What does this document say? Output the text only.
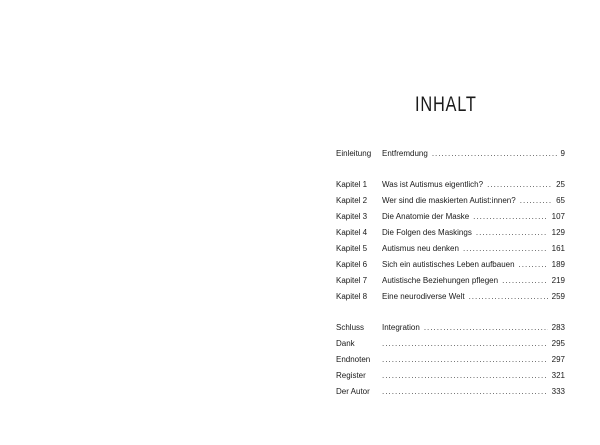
INHALT
Einleitung Entfremdung . . .	9
Kapitel 1 Was ist Autismus eigentlich? . . .	25
Kapitel 2 Wer sind die maskierten Autist:innen? . . .	65
Kapitel 3 Die Anatomie der Maske . . .	107
Kapitel 4 Die Folgen des Maskings . . .	129
Kapitel 5 Autismus neu denken . . .	161
Kapitel 6 Sich ein autistisches Leben aufbauen . . .	189
Kapitel 7 Autistische Beziehungen pflegen . . .	219
Kapitel 8 Eine neurodiverse Welt . . .	259
Schluss Integration . . .	283
Dank . . .	295
Endnoten . . .	297
Register . . .	321
Der Autor . . .	333
